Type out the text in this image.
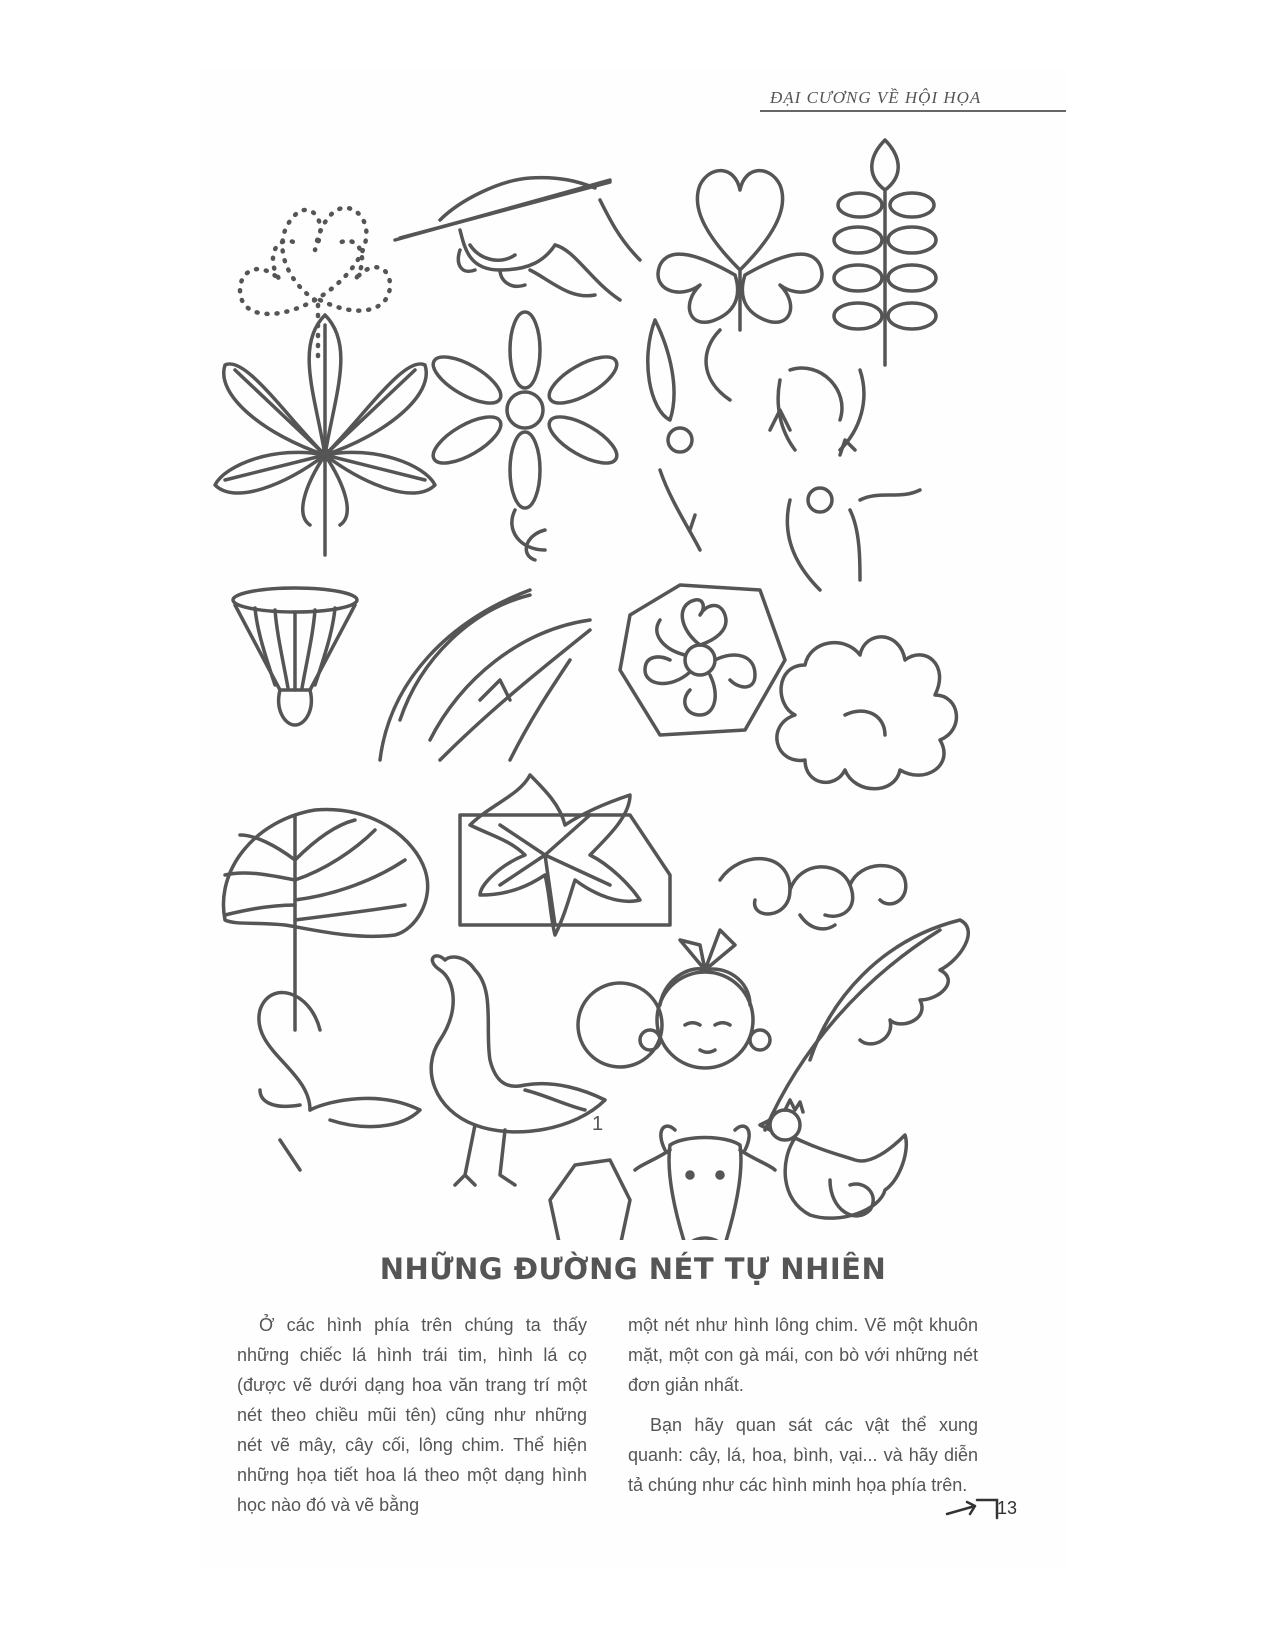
ĐẠI CƯƠNG VỀ HỘI HỌA
1
NHỮNG ĐƯỜNG NÉT TỰ NHIÊN

Ở các hình phía trên chúng ta thấy những chiếc lá hình trái tim, hình lá cọ (được vẽ dưới dạng hoa văn trang trí một nét theo chiều mũi tên) cũng như những nét vẽ mây, cây cối, lông chim. Thể hiện những họa tiết hoa lá theo một dạng hình học nào đó và vẽ bằng

một nét như hình lông chim. Vẽ một khuôn mặt, một con gà mái, con bò với những nét đơn giản nhất.

Bạn hãy quan sát các vật thể xung quanh: cây, lá, hoa, bình, vại... và hãy diễn tả chúng như các hình minh họa phía trên.

13
